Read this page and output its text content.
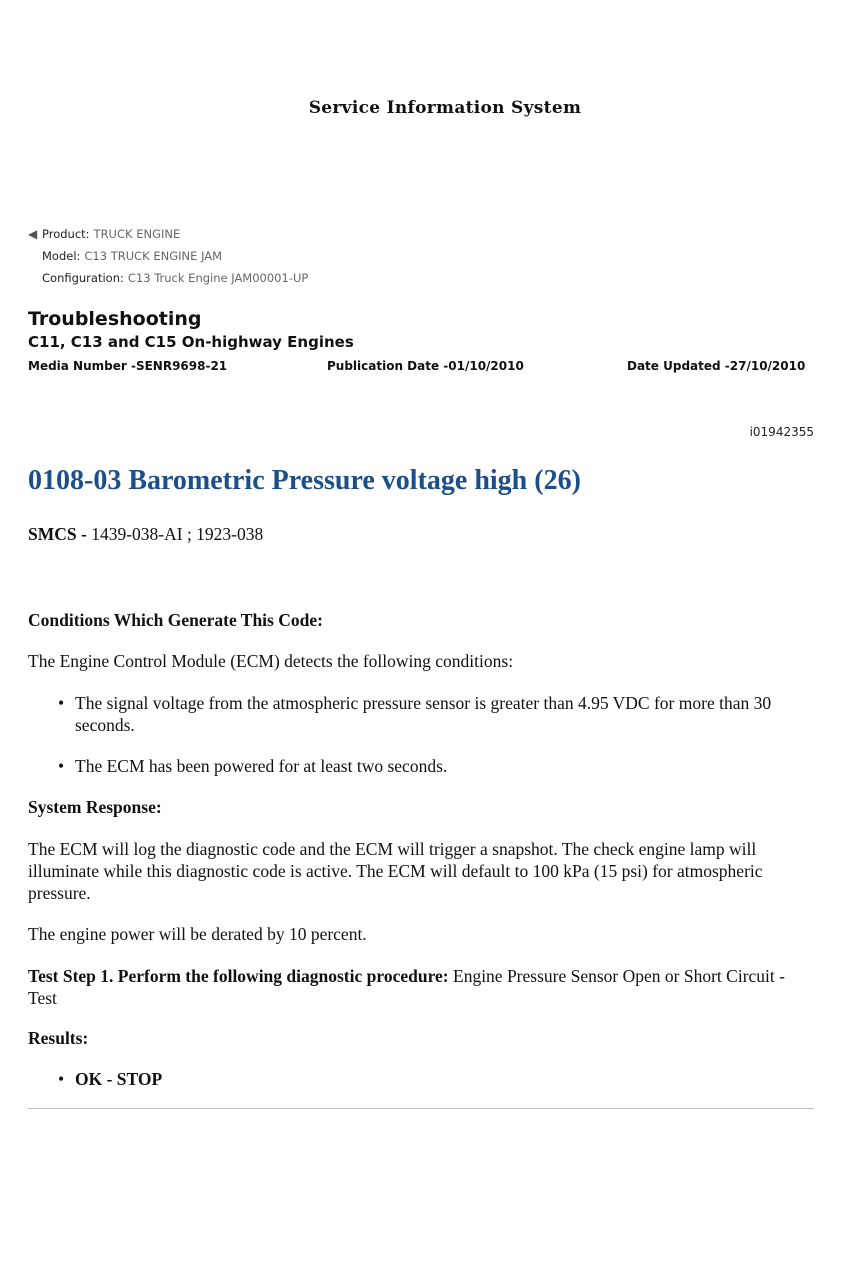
Service Information System
◀ Product: TRUCK ENGINE
Model: C13 TRUCK ENGINE JAM
Configuration: C13 Truck Engine JAM00001-UP
Troubleshooting
C11, C13 and C15 On-highway Engines
Media Number -SENR9698-21	Publication Date -01/10/2010	Date Updated -27/10/2010
i01942355
0108-03 Barometric Pressure voltage high (26)
SMCS - 1439-038-AI ; 1923-038
Conditions Which Generate This Code:
The Engine Control Module (ECM) detects the following conditions:
• The signal voltage from the atmospheric pressure sensor is greater than 4.95 VDC for more than 30 seconds.
• The ECM has been powered for at least two seconds.
System Response:
The ECM will log the diagnostic code and the ECM will trigger a snapshot. The check engine lamp will illuminate while this diagnostic code is active. The ECM will default to 100 kPa (15 psi) for atmospheric pressure.
The engine power will be derated by 10 percent.
Test Step 1. Perform the following diagnostic procedure: Engine Pressure Sensor Open or Short Circuit - Test
Results:
• OK - STOP
